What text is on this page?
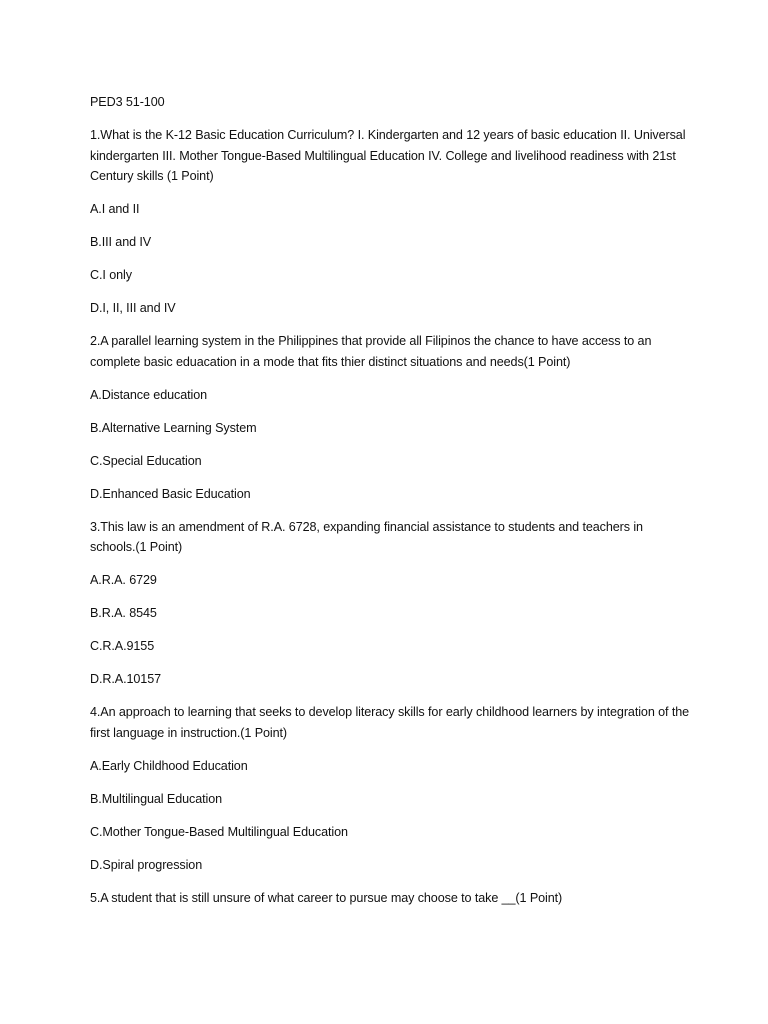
PED3 51-100

1.What is the K-12 Basic Education Curriculum? I. Kindergarten and 12 years of basic education II. Universal kindergarten III. Mother Tongue-Based Multilingual Education IV. College and livelihood readiness with 21st Century skills (1 Point)

A.I and II

B.III and IV

C.I only

D.I, II, III and IV

2.A parallel learning system in the Philippines that provide all Filipinos the chance to have access to an complete basic eduacation in a mode that fits thier distinct situations and needs(1 Point)

A.Distance education

B.Alternative Learning System

C.Special Education

D.Enhanced Basic Education

3.This law is an amendment of R.A. 6728, expanding financial assistance to students and teachers in schools.(1 Point)

A.R.A. 6729

B.R.A. 8545

C.R.A.9155

D.R.A.10157

4.An approach to learning that seeks to develop literacy skills for early childhood learners by integration of the first language in instruction.(1 Point)

A.Early Childhood Education

B.Multilingual Education

C.Mother Tongue-Based Multilingual Education

D.Spiral progression

5.A student that is still unsure of what career to pursue may choose to take __(1 Point)
